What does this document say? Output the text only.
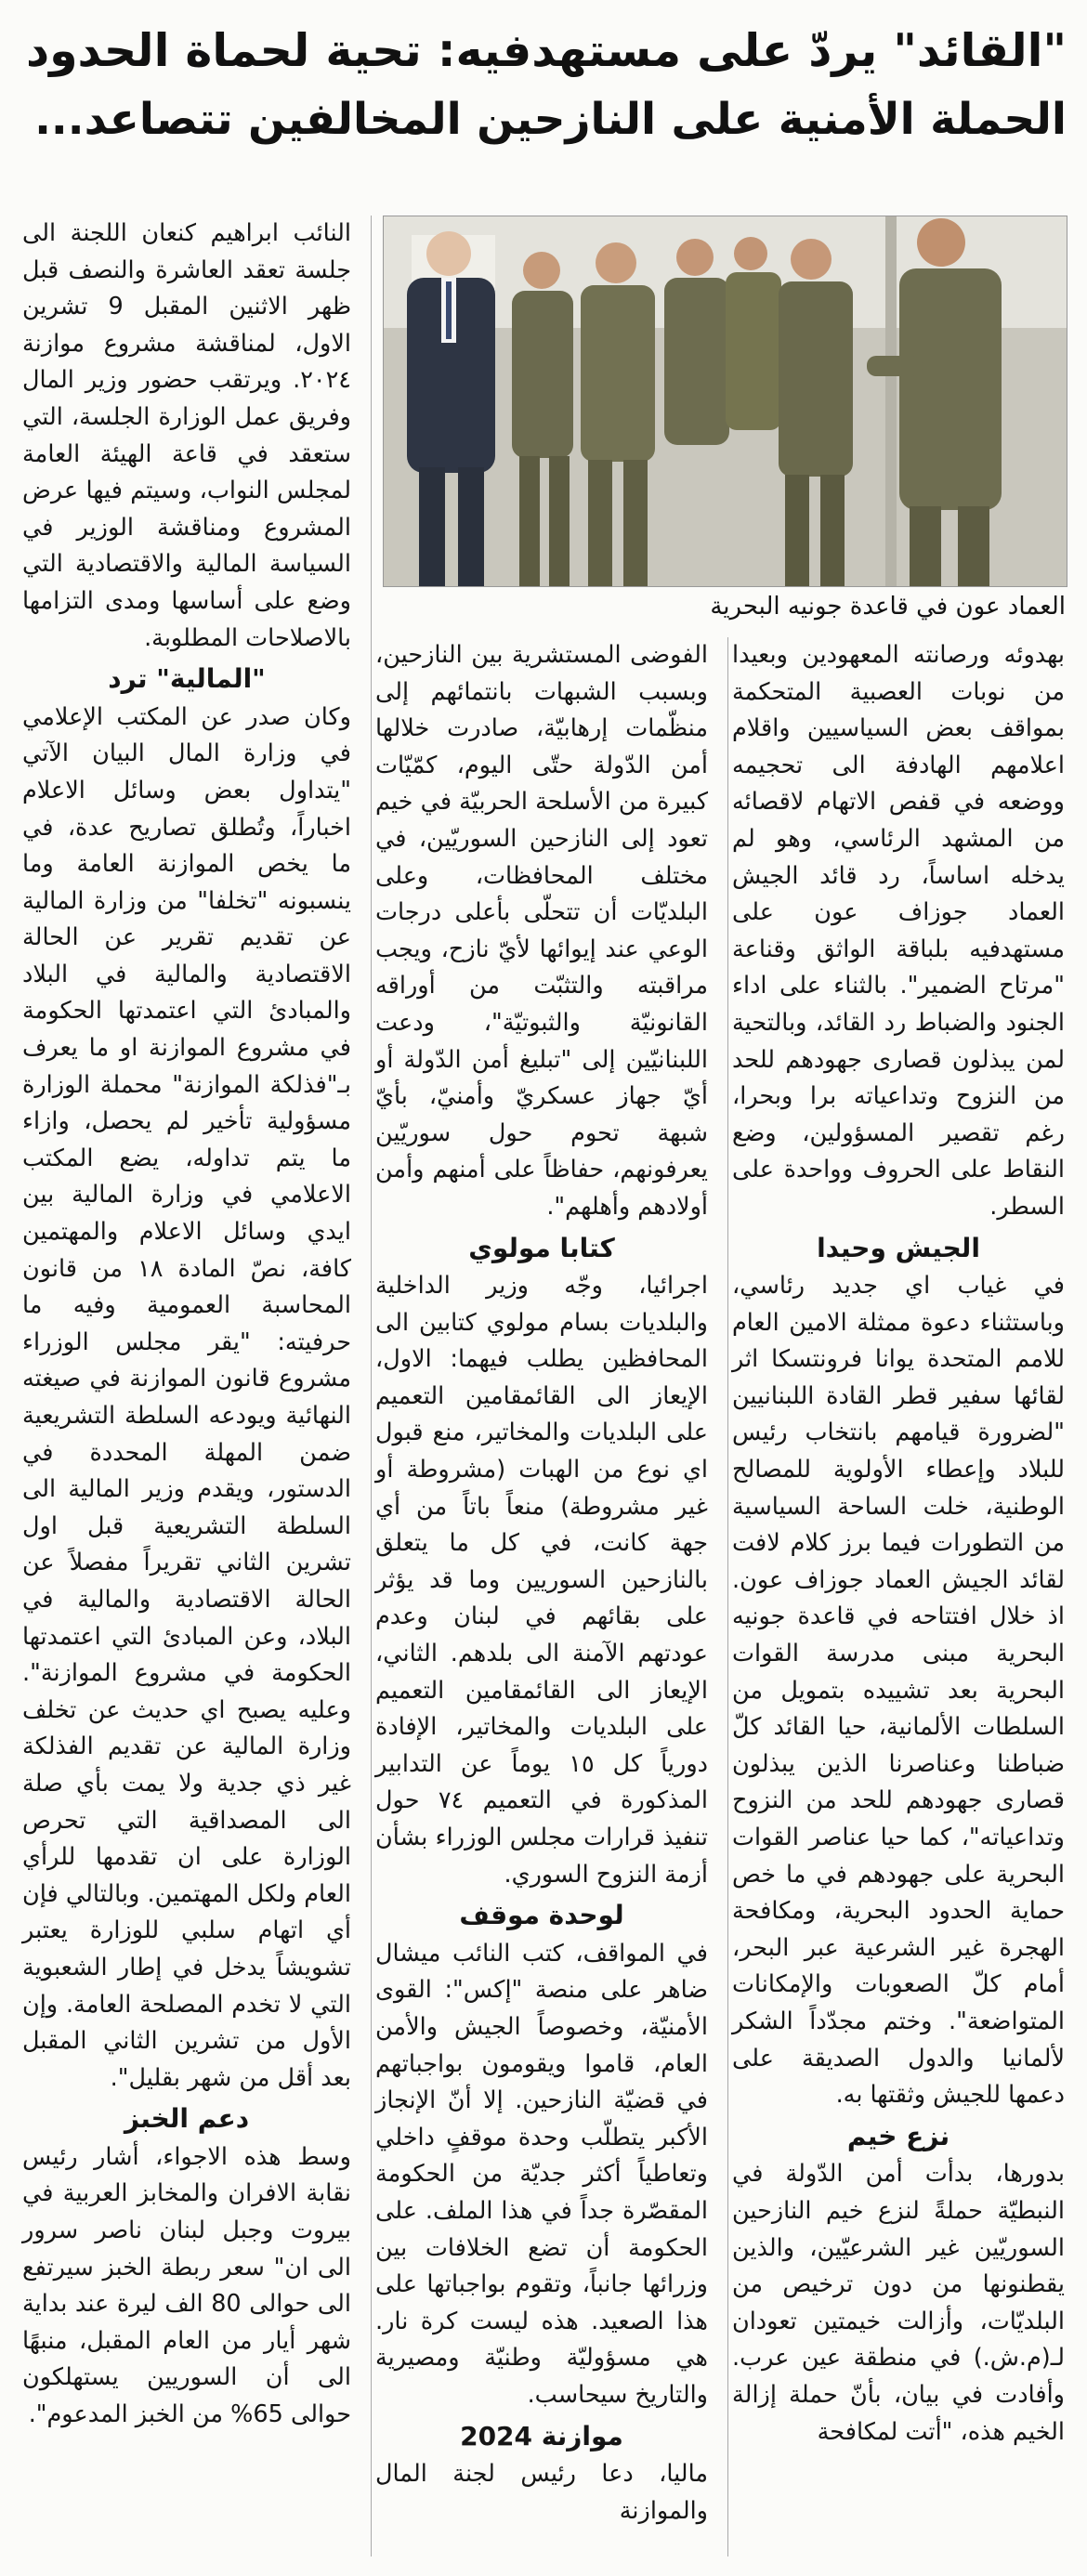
"القائد" يردّ على مستهدفيه: تحية لحماة الحدود
الحملة الأمنية على النازحين المخالفين تتصاعد...
العماد عون في قاعدة جونيه البحرية

بهدوئه ورصانته المعهودين وبعيدا من نوبات العصبية المتحكمة بمواقف بعض السياسيين واقلام اعلامهم الهادفة الى تحجيمه ووضعه في قفص الاتهام لاقصائه من المشهد الرئاسي، وهو لم يدخله اساساً، رد قائد الجيش العماد جوزاف عون على مستهدفيه بلباقة الواثق وقناعة "مرتاح الضمير". بالثناء على اداء الجنود والضباط رد القائد، وبالتحية لمن يبذلون قصارى جهودهم للحد من النزوح وتداعياته برا وبحرا، رغم تقصير المسؤولين، وضع النقاط على الحروف وواحدة على السطر.

الجيش وحيدا

في غياب اي جديد رئاسي، وباستثناء دعوة ممثلة الامين العام للامم المتحدة يوانا فرونتسكا اثر لقائها سفير قطر القادة اللبنانيين "لضرورة قيامهم بانتخاب رئيس للبلاد وإعطاء الأولوية للمصالح الوطنية، خلت الساحة السياسية من التطورات فيما برز كلام لافت لقائد الجيش العماد جوزاف عون. اذ خلال افتتاحه في قاعدة جونيه البحرية مبنى مدرسة القوات البحرية بعد تشييده بتمويل من السلطات الألمانية، حيا القائد كلّ ضباطنا وعناصرنا الذين يبذلون قصارى جهودهم للحد من النزوح وتداعياته"، كما حيا عناصر القوات البحرية على جهودهم في ما خص حماية الحدود البحرية، ومكافحة الهجرة غير الشرعية عبر البحر، أمام كلّ الصعوبات والإمكانات المتواضعة". وختم مجدّداً الشكر لألمانيا والدول الصديقة على دعمها للجيش وثقتها به.

نزع خيم

بدورها، بدأت أمن الدّولة في النبطيّة حملةً لنزع خيم النازحين السوريّين غير الشرعيّين، والذين يقطنونها من دون ترخيص من البلديّات، وأزالت خيمتين تعودان لـ(م.ش.) في منطقة عين عرب. وأفادت في بيان، بأنّ حملة إزالة الخيم هذه، "أتت لمكافحة

الفوضى المستشرية بين النازحين، وبسبب الشبهات بانتمائهم إلى منظّمات إرهابيّة، صادرت خلالها أمن الدّولة حتّى اليوم، كمّيّات كبيرة من الأسلحة الحربيّة في خيم تعود إلى النازحين السوريّين، في مختلف المحافظات، وعلى البلديّات أن تتحلّى بأعلى درجات الوعي عند إيوائها لأيّ نازح، ويجب مراقبته والتثبّت من أوراقه القانونيّة والثبوتيّة"، ودعت اللبنانيّين إلى "تبليغ أمن الدّولة أو أيّ جهاز عسكريّ وأمنيّ، بأيّ شبهة تحوم حول سوريّين يعرفونهم، حفاظاً على أمنهم وأمن أولادهم وأهلهم".

كتابا مولوي

اجرائيا، وجّه وزير الداخلية والبلديات بسام مولوي كتابين الى المحافظين يطلب فيهما: الاول، الإيعاز الى القائمقامين التعميم على البلديات والمخاتير، منع قبول اي نوع من الهبات (مشروطة أو غير مشروطة) منعاً باتاً من أي جهة كانت، في كل ما يتعلق بالنازحين السوريين وما قد يؤثر على بقائهم في لبنان وعدم عودتهم الآمنة الى بلدهم. الثاني، الإيعاز الى القائمقامين التعميم على البلديات والمخاتير، الإفادة دورياً كل ١٥ يوماً عن التدابير المذكورة في التعميم ٧٤ حول تنفيذ قرارات مجلس الوزراء بشأن أزمة النزوح السوري.

لوحدة موقف

في المواقف، كتب النائب ميشال ضاهر على منصة "إكس": القوى الأمنيّة، وخصوصاً الجيش والأمن العام، قاموا ويقومون بواجباتهم في قضيّة النازحين. إلا أنّ الإنجاز الأكبر يتطلّب وحدة موقفٍ داخلي وتعاطياً أكثر جديّة من الحكومة المقصّرة جداً في هذا الملف. على الحكومة أن تضع الخلافات بين وزرائها جانباً، وتقوم بواجباتها على هذا الصعيد. هذه ليست كرة نار. هي مسؤوليّة وطنيّة ومصيرية والتاريخ سيحاسب.

موازنة 2024

ماليا، دعا رئيس لجنة المال والموازنة

النائب ابراهيم كنعان اللجنة الى جلسة تعقد العاشرة والنصف قبل ظهر الاثنين المقبل 9 تشرين الاول، لمناقشة مشروع موازنة ٢٠٢٤. ويرتقب حضور وزير المال وفريق عمل الوزارة الجلسة، التي ستعقد في قاعة الهيئة العامة لمجلس النواب، وسيتم فيها عرض المشروع ومناقشة الوزير في السياسة المالية والاقتصادية التي وضع على أساسها ومدى التزامها بالاصلاحات المطلوبة.

"المالية" ترد

وكان صدر عن المكتب الإعلامي في وزارة المال البيان الآتي "يتداول بعض وسائل الاعلام اخباراً، وتُطلق تصاريح عدة، في ما يخص الموازنة العامة وما ينسبونه "تخلفا" من وزارة المالية عن تقديم تقرير عن الحالة الاقتصادية والمالية في البلاد والمبادئ التي اعتمدتها الحكومة في مشروع الموازنة او ما يعرف بـ"فذلكة الموازنة" محملة الوزارة مسؤولية تأخير لم يحصل، وازاء ما يتم تداوله، يضع المكتب الاعلامي في وزارة المالية بين ايدي وسائل الاعلام والمهتمين كافة، نصّ المادة ١٨ من قانون المحاسبة العمومية وفيه ما حرفيته: "يقر مجلس الوزراء مشروع قانون الموازنة في صيغته النهائية ويودعه السلطة التشريعية ضمن المهلة المحددة في الدستور، ويقدم وزير المالية الى السلطة التشريعية قبل اول تشرين الثاني تقريراً مفصلاً عن الحالة الاقتصادية والمالية في البلاد، وعن المبادئ التي اعتمدتها الحكومة في مشروع الموازنة". وعليه يصبح اي حديث عن تخلف وزارة المالية عن تقديم الفذلكة غير ذي جدية ولا يمت بأي صلة الى المصداقية التي تحرص الوزارة على ان تقدمها للرأي العام ولكل المهتمين. وبالتالي فإن أي اتهام سلبي للوزارة يعتبر تشويشاً يدخل في إطار الشعبوية التي لا تخدم المصلحة العامة. وإن الأول من تشرين الثاني المقبل بعد أقل من شهر بقليل".

دعم الخبز

وسط هذه الاجواء، أشار رئيس نقابة الافران والمخابز العربية في بيروت وجبل لبنان ناصر سرور الى ان" سعر ربطة الخبز سيرتفع الى حوالى 80 الف ليرة عند بداية شهر أيار من العام المقبل، منبهًا الى أن السوريين يستهلكون حوالى 65% من الخبز المدعوم".
